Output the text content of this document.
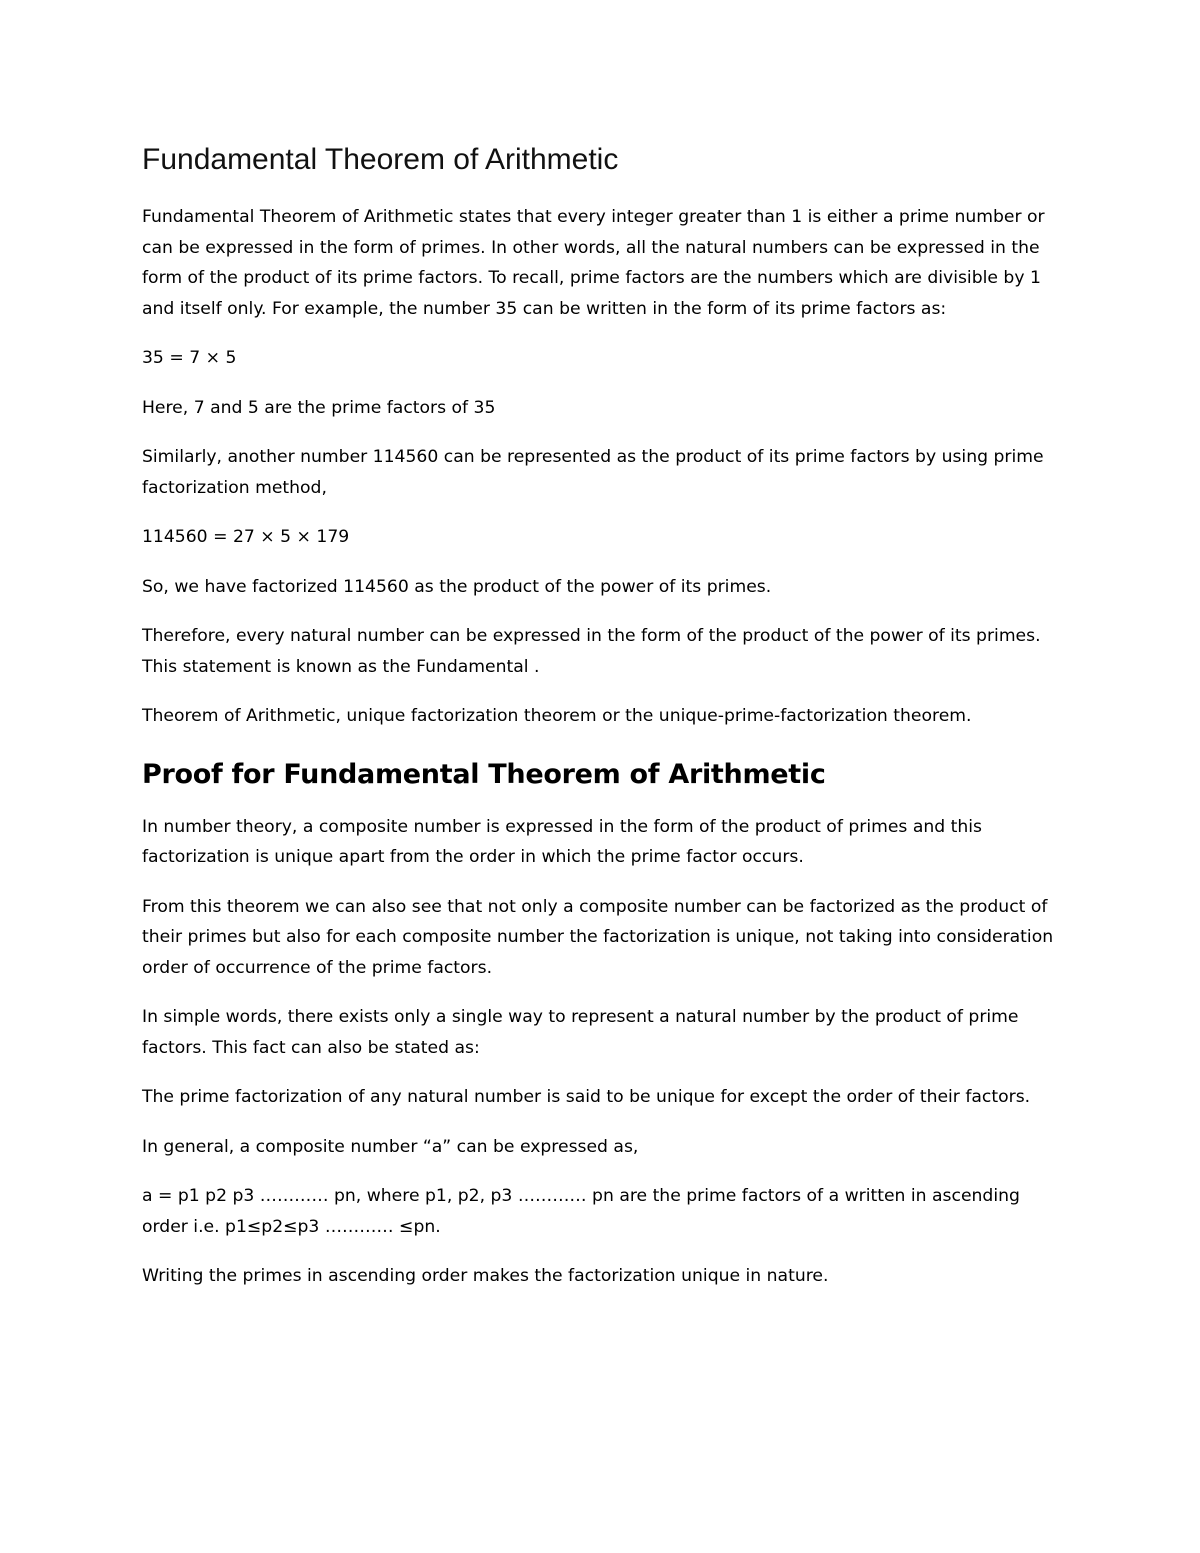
Fundamental Theorem of Arithmetic

Fundamental Theorem of Arithmetic states that every integer greater than 1 is either a prime number or can be expressed in the form of primes. In other words, all the natural numbers can be expressed in the form of the product of its prime factors. To recall, prime factors are the numbers which are divisible by 1 and itself only. For example, the number 35 can be written in the form of its prime factors as:

35 = 7 × 5

Here, 7 and 5 are the prime factors of 35

Similarly, another number 114560 can be represented as the product of its prime factors by using prime factorization method,

114560 = 27 × 5 × 179

So, we have factorized 114560 as the product of the power of its primes.

Therefore, every natural number can be expressed in the form of the product of the power of its primes. This statement is known as the Fundamental .

Theorem of Arithmetic, unique factorization theorem or the unique-prime-factorization theorem.

Proof for Fundamental Theorem of Arithmetic

In number theory, a composite number is expressed in the form of the product of primes and this factorization is unique apart from the order in which the prime factor occurs.

From this theorem we can also see that not only a composite number can be factorized as the product of their primes but also for each composite number the factorization is unique, not taking into consideration order of occurrence of the prime factors.

In simple words, there exists only a single way to represent a natural number by the product of prime factors. This fact can also be stated as:

The prime factorization of any natural number is said to be unique for except the order of their factors.

In general, a composite number “a” can be expressed as,

a = p1 p2 p3 ………… pn, where p1, p2, p3 ………… pn are the prime factors of a written in ascending order i.e. p1≤p2≤p3 ………… ≤pn.

Writing the primes in ascending order makes the factorization unique in nature.
